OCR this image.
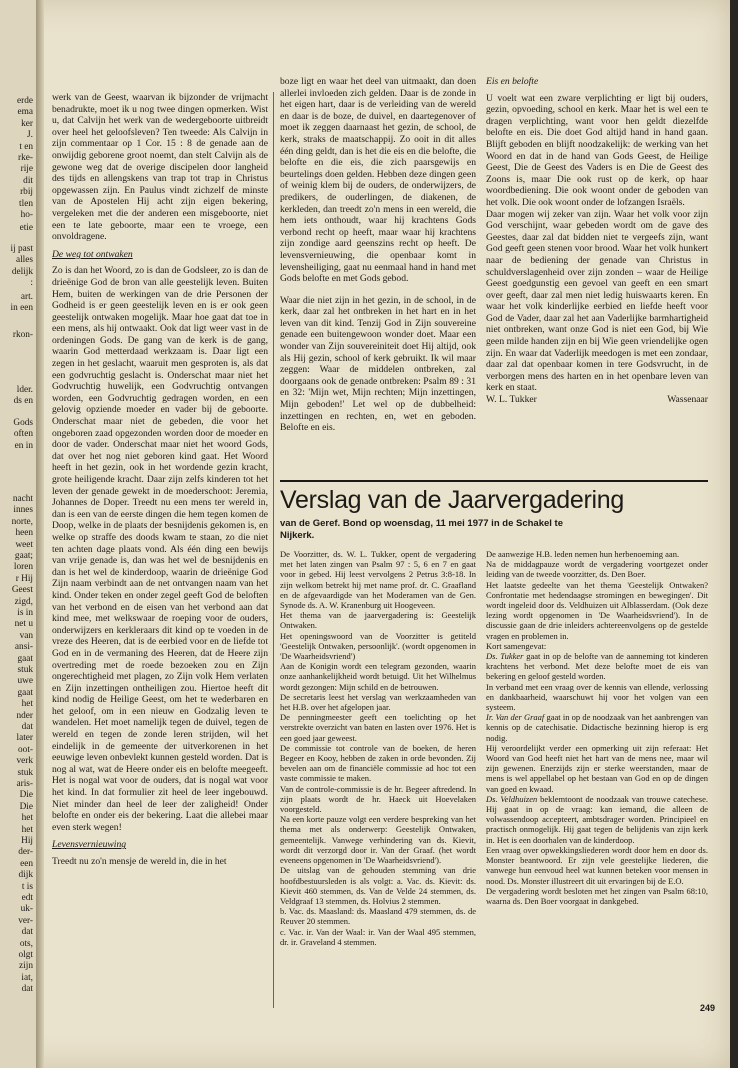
erde
ema
ker
J.
t en
rke-
rije
dit
rbij
tlen
ho-
etie
ij past
alles
delijk
:
art.
in een
rkon-
lder.
ds en
Gods
often
en in
nacht
innes
norte,
heen
weet
gaat;
loren
r Hij
Geest
zigd,
is in
net u
van
ansi-
gaat
stuk
uwe
gaat
het
nder
dat
later
oot-
verk
stuk
aris-
Die
Die
het
het
Hij
der-
een
dijk
t is
edt
uk-
ver-
dat
ots,
olgt
zijn
iat,
dat

werk van de Geest, waarvan ik bijzonder de vrijmacht benadrukte, moet ik u nog twee dingen opmerken. Wist u, dat Calvijn het werk van de wedergeboorte uitbreidt over heel het geloofsleven? Ten tweede: Als Calvijn in zijn commentaar op 1 Cor. 15 : 8 de genade aan de onwijdig geborene groot noemt, dan stelt Calvijn als de gewone weg dat de overige discipelen door langheid des tijds en allengskens van trap tot trap in Christus opgewassen zijn. En Paulus vindt zichzelf de minste van de Apostelen Hij acht zijn eigen bekering, vergeleken met die der anderen een misgeboorte, niet een te late geboorte, maar een te vroege, een onvoldragene.

De weg tot ontwaken

Zo is dan het Woord, zo is dan de Godsleer, zo is dan de drieënige God de bron van alle geestelijk leven. Buiten Hem, buiten de werkingen van de drie Personen der Godheid is er geen geestelijk leven en is er ook geen geestelijk ontwaken mogelijk. Maar hoe gaat dat toe in een mens, als hij ontwaakt. Ook dat ligt weer vast in de ordeningen Gods. De gang van de kerk is de gang, waarin God metterdaad werkzaam is. Daar ligt een zegen in het geslacht, waaruit men gesproten is, als dat een godvruchtig geslacht is. Onderschat maar niet het Godvruchtig huwelijk, een Godvruchtig ontvangen worden, een Godvruchtig gedragen worden, en een gelovig opziende moeder en vader bij de geboorte. Onderschat maar niet de gebeden, die voor het ongeboren zaad opgezonden worden door de moeder en door de vader. Onderschat maar niet het woord Gods, dat over het nog niet geboren kind gaat. Het Woord heeft in het gezin, ook in het wordende gezin kracht, grote heiligende kracht. Daar zijn zelfs kinderen tot het leven der genade gewekt in de moederschoot: Jeremia, Johannes de Doper. Treedt nu een mens ter wereld in, dan is een van de eerste dingen die hem tegen komen de Doop, welke in de plaats der besnijdenis gekomen is, en welke op straffe des doods kwam te staan, zo die niet ten achten dage plaats vond. Als één ding een bewijs van vrije genade is, dan was het wel de besnijdenis en dan is het wel de kinderdoop, waarin de drieënige God Zijn naam verbindt aan de net ontvangen naam van het kind. Onder teken en onder zegel geeft God de beloften van het verbond en de eisen van het verbond aan dat kind mee, met welkswaar de roeping voor de ouders, onderwijzers en kerkleraars dit kind op te voeden in de vreze des Heeren, dat is de eerbied voor en de liefde tot God en in de vermaning des Heeren, dat de Heere zijn overtreding met de roede bezoeken zou en Zijn ongerechtigheid met plagen, zo Zijn volk Hem verlaten en Zijn inzettingen ontheiligen zou. Hiertoe heeft dit kind nodig de Heilige Geest, om het te wederbaren en het geloof, om in een nieuw en Godzalig leven te wandelen. Het moet namelijk tegen de duivel, tegen de wereld en tegen de zonde leren strijden, wil het eindelijk in de gemeente der uitverkorenen in het eeuwige leven onbevlekt kunnen gesteld worden. Dat is nog al wat, wat de Heere onder eis en belofte meegeeft. Het is nogal wat voor de ouders, dat is nogal wat voor het kind. In dat formulier zit heel de leer ingebouwd. Niet minder dan heel de leer der zaligheid! Onder belofte en onder eis der bekering. Laat die allebei maar even sterk wegen!

Levensvernieuwing

Treedt nu zo'n mensje de wereld in, die in het

boze ligt en waar het deel van uitmaakt, dan doen allerlei invloeden zich gelden. Daar is de zonde in het eigen hart, daar is de verleiding van de wereld en daar is de boze, de duivel, en daartegenover of moet ik zeggen daarnaast het gezin, de school, de kerk, straks de maatschappij. Zo ooit in dit alles één ding geldt, dan is het die eis en die belofte, die belofte en die eis, die zich paarsgewijs en beurtelings doen gelden. Hebben deze dingen geen of weinig klem bij de ouders, de onderwijzers, de predikers, de ouderlingen, de diakenen, de kerkleden, dan treedt zo'n mens in een wereld, die hem iets onthoudt, waar hij krachtens Gods verbond recht op heeft, maar waar hij krachtens zijn zondige aard geenszins recht op heeft. De levensvernieuwing, die openbaar komt in levensheiliging, gaat nu eenmaal hand in hand met Gods belofte en met Gods gebod.

Waar die niet zijn in het gezin, in de school, in de kerk, daar zal het ontbreken in het hart en in het leven van dit kind. Tenzij God in Zijn souvereine genade een buitengewoon wonder doet. Maar een wonder van Zijn souvereiniteit doet Hij altijd, ook als Hij gezin, school of kerk gebruikt. Ik wil maar zeggen: Waar de middelen ontbreken, zal doorgaans ook de genade ontbreken: Psalm 89 : 31 en 32: 'Mijn wet, Mijn rechten; Mijn inzettingen, Mijn geboden!' Let wel op de dubbelheid: inzettingen en rechten, en, wet en geboden. Belofte en eis.

Eis en belofte

U voelt wat een zware verplichting er ligt bij ouders, gezin, opvoeding, school en kerk. Maar het is wel een te dragen verplichting, want voor hen geldt diezelfde belofte en eis. Die doet God altijd hand in hand gaan. Blijft geboden en blijft noodzakelijk: de werking van het Woord en dat in de hand van Gods Geest, de Heilige Geest, Die de Geest des Vaders is en Die de Geest des Zoons is, maar Die ook rust op de kerk, op haar woordbediening. Die ook woont onder de geboden van het volk. Die ook woont onder de lofzangen Israëls.

Daar mogen wij zeker van zijn. Waar het volk voor zijn God verschijnt, waar gebeden wordt om de gave des Geestes, daar zal dat bidden niet te vergeefs zijn, want God geeft geen stenen voor brood. Waar het volk hunkert naar de bediening der genade van Christus in schuldverslagenheid over zijn zonden – waar de Heilige Geest goedgunstig een gevoel van geeft en een smart over geeft, daar zal men niet ledig huiswaarts keren. En waar het volk kinderlijke eerbied en liefde heeft voor God de Vader, daar zal het aan Vaderlijke barmhartigheid niet ontbreken, want onze God is niet een God, bij Wie geen milde handen zijn en bij Wie geen vriendelijke ogen zijn. En waar dat Vaderlijk meedogen is met een zondaar, daar zal dat openbaar komen in tere Godsvrucht, in de verborgen mens des harten en in het openbare leven van kerk en staat.

W. L. Tukker	Wassenaar
Verslag van de Jaarvergadering
van de Geref. Bond op woensdag, 11 mei 1977 in de Schakel te Nijkerk.

De Voorzitter, ds. W. L. Tukker, opent de vergadering met het laten zingen van Psalm 97 : 5, 6 en 7 en gaat voor in gebed. Hij leest vervolgens 2 Petrus 3:8-18. In zijn welkom betrekt hij met name prof. dr. C. Graafland en de afgevaardigde van het Moderamen van de Gen. Synode ds. A. W. Kranenburg uit Hoogeveen.

Het thema van de jaarvergadering is: Geestelijk Ontwaken.

Het openingswoord van de Voorzitter is getiteld 'Geestelijk Ontwaken, persoonlijk'. (wordt opgenomen in 'De Waarheidsvriend')

Aan de Konigin wordt een telegram gezonden, waarin onze aanhankelijkheid wordt betuigd. Uit het Wilhelmus wordt gezongen: Mijn schild en de betrouwen.

De secretaris leest het verslag van werkzaamheden van het H.B. over het afgelopen jaar.

De penningmeester geeft een toelichting op het verstrekte overzicht van baten en lasten over 1976. Het is een goed jaar geweest.

De commissie tot controle van de boeken, de heren Begeer en Kooy, hebben de zaken in orde bevonden. Zij bevelen aan om de financiële commissie ad hoc tot een vaste commissie te maken.

Van de controle-commissie is de hr. Begeer aftredend. In zijn plaats wordt de hr. Haeck uit Hoevelaken voorgesteld.

Na een korte pauze volgt een verdere bespreking van het thema met als onderwerp: Geestelijk Ontwaken, gemeentelijk. Vanwege verhindering van ds. Kievit, wordt dit verzorgd door ir. Van der Graaf. (het wordt eveneens opgenomen in 'De Waarheidsvriend').

De uitslag van de gehouden stemming van drie hoofdbestuursleden is als volgt: a. Vac. ds. Kievit: ds. Kievit 460 stemmen, ds. Van de Velde 24 stemmen, ds. Veldgraaf 13 stemmen, ds. Holvius 2 stemmen.

b. Vac. ds. Maasland: ds. Maasland 479 stemmen, ds. de Reuver 20 stemmen.

c. Vac. ir. Van der Waal: ir. Van der Waal 495 stemmen, dr. ir. Graveland 4 stemmen.

De aanwezige H.B. leden nemen hun herbenoeming aan.

Na de middagpauze wordt de vergadering voortgezet onder leiding van de tweede voorzitter, ds. Den Boer.

Het laatste gedeelte van het thema 'Geestelijk Ontwaken? Confrontatie met hedendaagse stromingen en bewegingen'. Dit wordt ingeleid door ds. Veldhuizen uit Alblasserdam. (Ook deze lezing wordt opgenomen in 'De Waarheidsvriend'). In de discussie gaan de drie inleiders achtereenvolgens op de gestelde vragen en problemen in.

Kort samengevat:

Ds. Tukker gaat in op de belofte van de aanneming tot kinderen krachtens het verbond. Met deze belofte moet de eis van bekering en geloof gesteld worden.

In verband met een vraag over de kennis van ellende, verlossing en dankbaarheid, waarschuwt hij voor het volgen van een systeem.

Ir. Van der Graaf gaat in op de noodzaak van het aanbrengen van kennis op de catechisatie. Didactische bezinning hierop is erg nodig.

Hij veroordelijkt verder een opmerking uit zijn referaat: Het Woord van God heeft niet het hart van de mens nee, maar wil zijn gewenen. Enerzijds zijn er sterke weerstanden, maar de mens is wel appellabel op het bestaan van God en op de dingen van goed en kwaad.

Ds. Veldhuizen beklemtoont de noodzaak van trouwe catechese. Hij gaat in op de vraag: kan iemand, die alleen de volwassendoop accepteert, ambtsdrager worden. Principieel en practisch onmogelijk. Hij gaat tegen de belijdenis van zijn kerk in. Het is een doorhalen van de kinderdoop.

Een vraag over opwekkingsliederen wordt door hem en door ds. Monster beantwoord. Er zijn vele geestelijke liederen, die vanwege hun eenvoud heel wat kunnen beteken voor mensen in nood. Ds. Monster illustreert dit uit ervaringen bij de E.O.

De vergadering wordt besloten met het zingen van Psalm 68:10, waarna ds. Den Boer voorgaat in dankgebed.

249
